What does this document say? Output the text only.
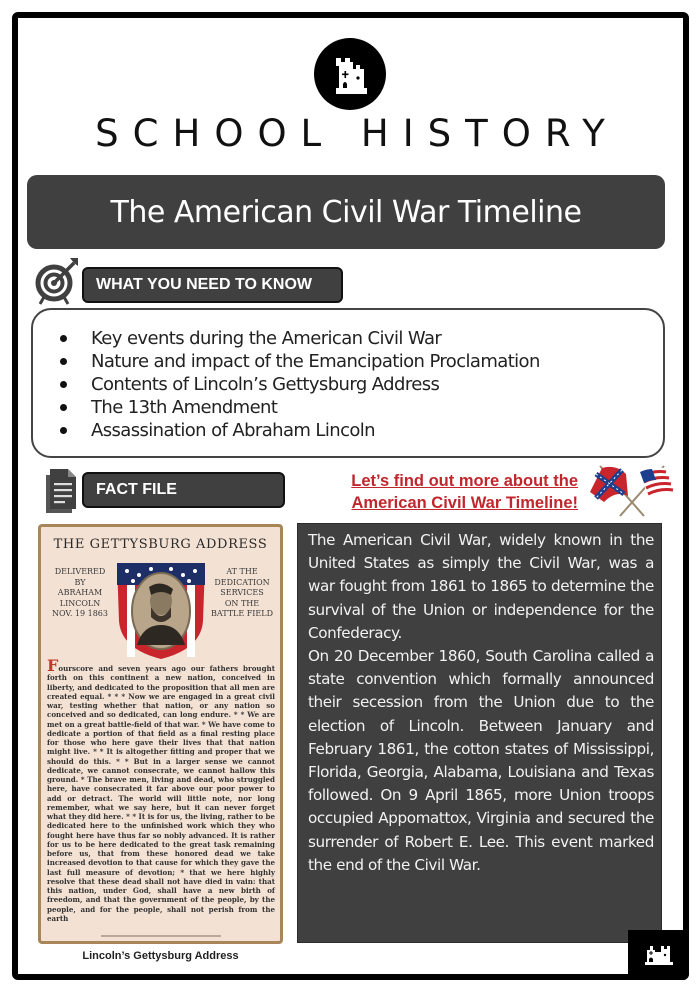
SCHOOL HISTORY
The American Civil War Timeline
WHAT YOU NEED TO KNOW
Key events during the American Civil War
Nature and impact of the Emancipation Proclamation
Contents of Lincoln’s Gettysburg Address
The 13th Amendment
Assassination of Abraham Lincoln
FACT FILE	Let’s find out more about the
American Civil War Timeline!
THE GETTYSBURG ADDRESS
DELIVERED
BY
ABRAHAM
LINCOLN
NOV. 19 1863
AT THE
DEDICATION
SERVICES
ON THE
BATTLE FIELD
Fourscore and seven years ago our fathers brought forth on this continent a new nation, conceived in liberty, and dedicated to the proposition that all men are created equal. * * * Now we are engaged in a great civil war, testing whether that nation, or any nation so conceived and so dedicated, can long endure. * * We are met on a great battle-field of that war. * We have come to dedicate a portion of that field as a final resting place for those who here gave their lives that that nation might live. * * It is altogether fitting and proper that we should do this. * * But in a larger sense we cannot dedicate, we cannot consecrate, we cannot hallow this ground. * The brave men, living and dead, who struggled here, have consecrated it far above our poor power to add or detract. The world will little note, nor long remember, what we say here, but it can never forget what they did here. * * It is for us, the living, rather to be dedicated here to the unfinished work which they who fought here have thus far so nobly advanced. It is rather for us to be here dedicated to the great task remaining before us, that from these honored dead we take increased devotion to that cause for which they gave the last full measure of devotion; * that we here highly resolve that these dead shall not have died in vain: that this nation, under God, shall have a new birth of freedom, and that the government of the people, by the people, and for the people, shall not perish from the earth
Lincoln’s Gettysburg Address

The American Civil War, widely known in the United States as simply the Civil War, was a war fought from 1861 to 1865 to determine the survival of the Union or independence for the Confederacy.
On 20 December 1860, South Carolina called a state convention which formally announced their secession from the Union due to the election of Lincoln. Between January and February 1861, the cotton states of Mississippi, Florida, Georgia, Alabama, Louisiana and Texas followed. On 9 April 1865, more Union troops occupied Appomattox, Virginia and secured the surrender of Robert E. Lee. This event marked the end of the Civil War.
